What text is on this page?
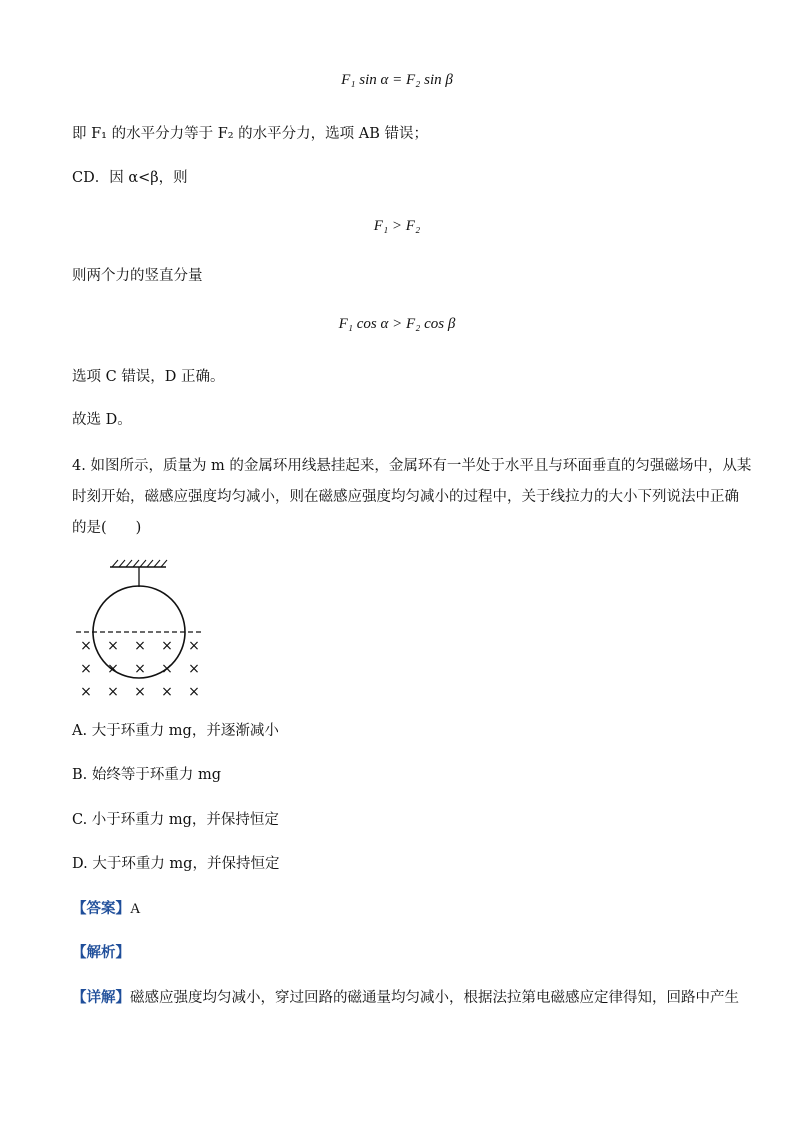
F₁ sin α = F₂ sin β
即 F₁ 的水平分力等于 F₂ 的水平分力，选项 AB 错误；
CD．因 α<β，则
F₁ > F₂
则两个力的竖直分量
F₁ cos α > F₂ cos β
选项 C 错误，D 正确。
故选 D。
4. 如图所示，质量为 m 的金属环用线悬挂起来，金属环有一半处于水平且与环面垂直的匀强磁场中，从某
时刻开始，磁感应强度均匀减小，则在磁感应强度均匀减小的过程中，关于线拉力的大小下列说法中正确
的是(　　)
× × × × ×
× × × × ×
× × × × ×
A. 大于环重力 mg，并逐渐减小
B. 始终等于环重力 mg
C. 小于环重力 mg，并保持恒定
D. 大于环重力 mg，并保持恒定
【答案】A
【解析】
【详解】磁感应强度均匀减小，穿过回路的磁通量均匀减小，根据法拉第电磁感应定律得知，回路中产生
